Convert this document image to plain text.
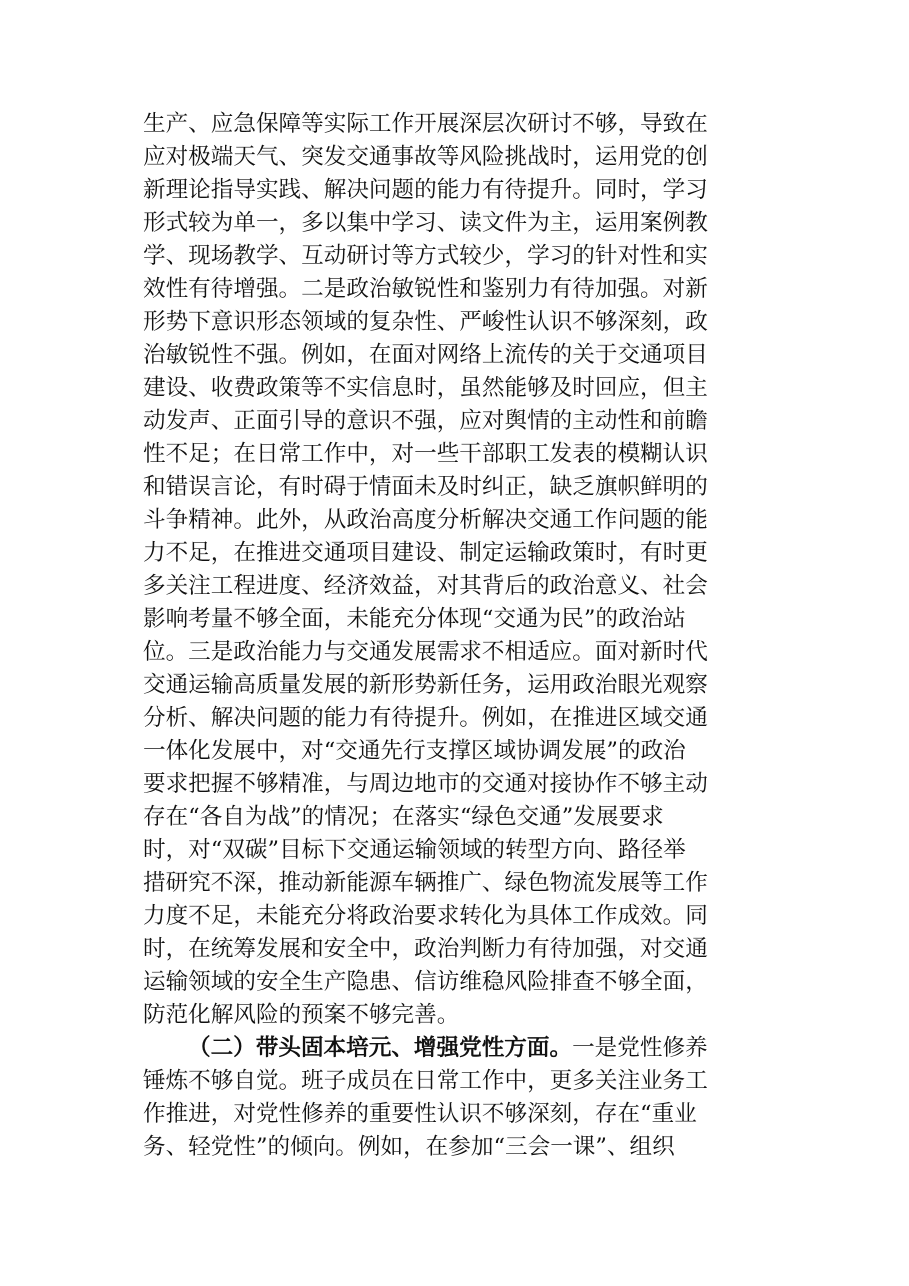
生产、应急保障等实际工作开展深层次研讨不够，导致在
应对极端天气、突发交通事故等风险挑战时，运用党的创
新理论指导实践、解决问题的能力有待提升。同时，学习
形式较为单一，多以集中学习、读文件为主，运用案例教
学、现场教学、互动研讨等方式较少，学习的针对性和实
效性有待增强。二是政治敏锐性和鉴别力有待加强。对新
形势下意识形态领域的复杂性、严峻性认识不够深刻，政
治敏锐性不强。例如，在面对网络上流传的关于交通项目
建设、收费政策等不实信息时，虽然能够及时回应，但主
动发声、正面引导的意识不强，应对舆情的主动性和前瞻
性不足；在日常工作中，对一些干部职工发表的模糊认识
和错误言论，有时碍于情面未及时纠正，缺乏旗帜鲜明的
斗争精神。此外，从政治高度分析解决交通工作问题的能
力不足，在推进交通项目建设、制定运输政策时，有时更
多关注工程进度、经济效益，对其背后的政治意义、社会
影响考量不够全面，未能充分体现“交通为民”的政治站
位。三是政治能力与交通发展需求不相适应。面对新时代
交通运输高质量发展的新形势新任务，运用政治眼光观察
分析、解决问题的能力有待提升。例如，在推进区域交通
一体化发展中，对“交通先行支撑区域协调发展”的政治
要求把握不够精准，与周边地市的交通对接协作不够主动
存在“各自为战”的情况；在落实“绿色交通”发展要求
时，对“双碳”目标下交通运输领域的转型方向、路径举
措研究不深，推动新能源车辆推广、绿色物流发展等工作
力度不足，未能充分将政治要求转化为具体工作成效。同
时，在统筹发展和安全中，政治判断力有待加强，对交通
运输领域的安全生产隐患、信访维稳风险排查不够全面，
防范化解风险的预案不够完善。
（二）带头固本培元、增强党性方面。一是党性修养
锤炼不够自觉。班子成员在日常工作中，更多关注业务工
作推进，对党性修养的重要性认识不够深刻，存在“重业
务、轻党性”的倾向。例如，在参加“三会一课”、组织
